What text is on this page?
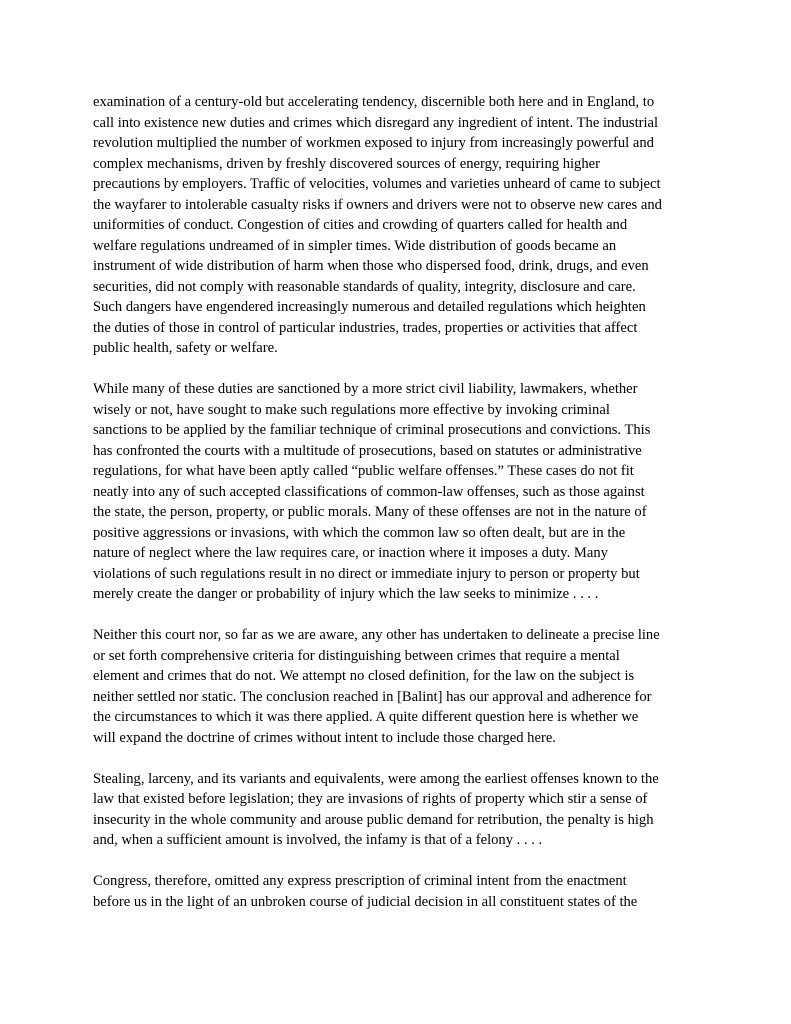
examination of a century-old but accelerating tendency, discernible both here and in England, to
call into existence new duties and crimes which disregard any ingredient of intent. The industrial
revolution multiplied the number of workmen exposed to injury from increasingly powerful and
complex mechanisms, driven by freshly discovered sources of energy, requiring higher
precautions by employers. Traffic of velocities, volumes and varieties unheard of came to subject
the wayfarer to intolerable casualty risks if owners and drivers were not to observe new cares and
uniformities of conduct. Congestion of cities and crowding of quarters called for health and
welfare regulations undreamed of in simpler times. Wide distribution of goods became an
instrument of wide distribution of harm when those who dispersed food, drink, drugs, and even
securities, did not comply with reasonable standards of quality, integrity, disclosure and care.
Such dangers have engendered increasingly numerous and detailed regulations which heighten
the duties of those in control of particular industries, trades, properties or activities that affect
public health, safety or welfare.

While many of these duties are sanctioned by a more strict civil liability, lawmakers, whether
wisely or not, have sought to make such regulations more effective by invoking criminal
sanctions to be applied by the familiar technique of criminal prosecutions and convictions. This
has confronted the courts with a multitude of prosecutions, based on statutes or administrative
regulations, for what have been aptly called “public welfare offenses.” These cases do not fit
neatly into any of such accepted classifications of common-law offenses, such as those against
the state, the person, property, or public morals. Many of these offenses are not in the nature of
positive aggressions or invasions, with which the common law so often dealt, but are in the
nature of neglect where the law requires care, or inaction where it imposes a duty. Many
violations of such regulations result in no direct or immediate injury to person or property but
merely create the danger or probability of injury which the law seeks to minimize . . . .

Neither this court nor, so far as we are aware, any other has undertaken to delineate a precise line
or set forth comprehensive criteria for distinguishing between crimes that require a mental
element and crimes that do not. We attempt no closed definition, for the law on the subject is
neither settled nor static. The conclusion reached in [Balint] has our approval and adherence for
the circumstances to which it was there applied. A quite different question here is whether we
will expand the doctrine of crimes without intent to include those charged here.

Stealing, larceny, and its variants and equivalents, were among the earliest offenses known to the
law that existed before legislation; they are invasions of rights of property which stir a sense of
insecurity in the whole community and arouse public demand for retribution, the penalty is high
and, when a sufficient amount is involved, the infamy is that of a felony . . . .

Congress, therefore, omitted any express prescription of criminal intent from the enactment
before us in the light of an unbroken course of judicial decision in all constituent states of the
